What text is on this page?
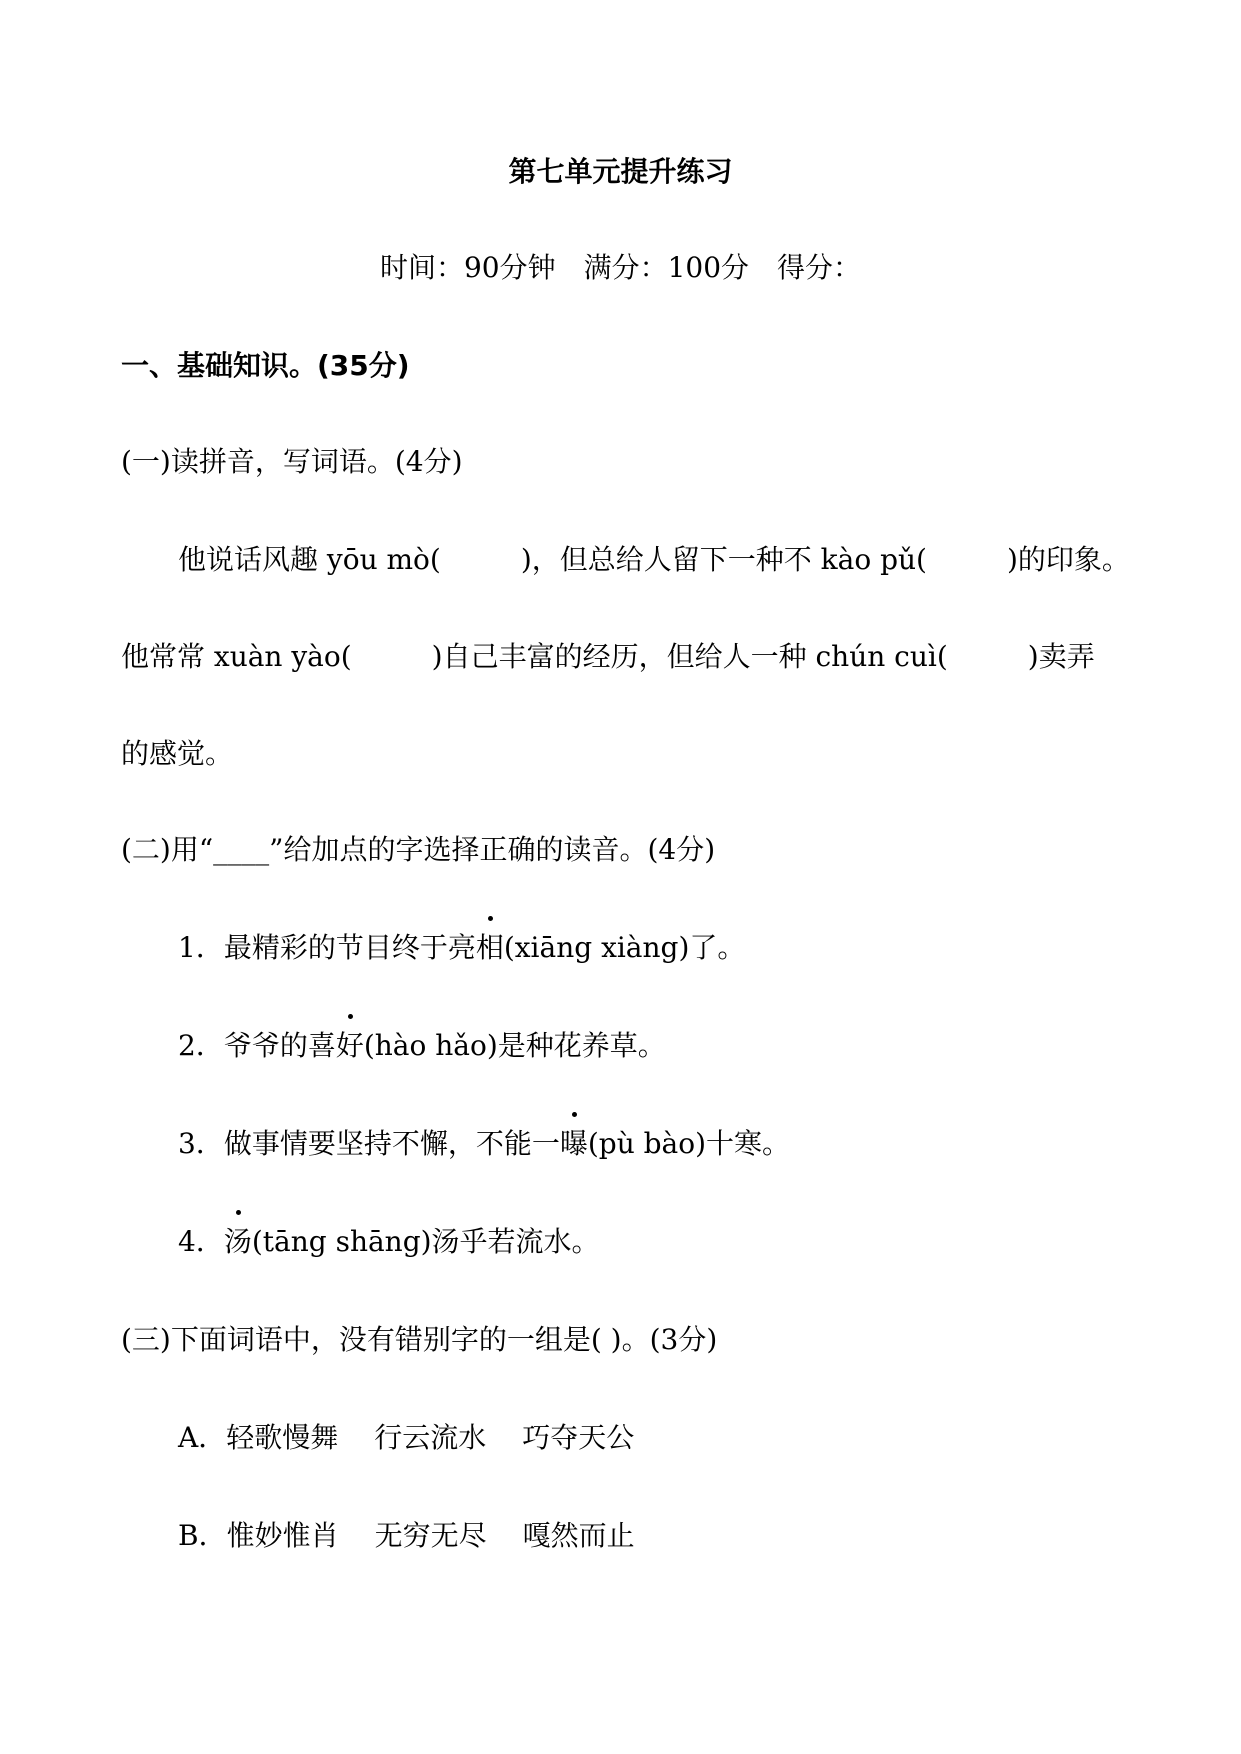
第七单元提升练习
时间：90分钟 满分：100分 得分：
一、基础知识。(35分)
(一)读拼音，写词语。(4分)
他说话风趣 yōu mò(	)，但总给人留下一种不 kào pǔ(	)的印象。
他常常 xuàn yào(	)自己丰富的经历，但给人一种 chún cuì(	)卖弄
的感觉。
(二)用“____”给加点的字选择正确的读音。(4分)
1．最精彩的节目终于亮相(xiāng xiàng)了。
2．爷爷的喜好(hào hǎo)是种花养草。
3．做事情要坚持不懈，不能一曝(pù bào)十寒。
4．汤(tāng shāng)汤乎若流水。
(三)下面词语中，没有错别字的一组是( )。(3分)
A．轻歌慢舞 行云流水 巧夺天公
B．惟妙惟肖 无穷无尽 嘎然而止
